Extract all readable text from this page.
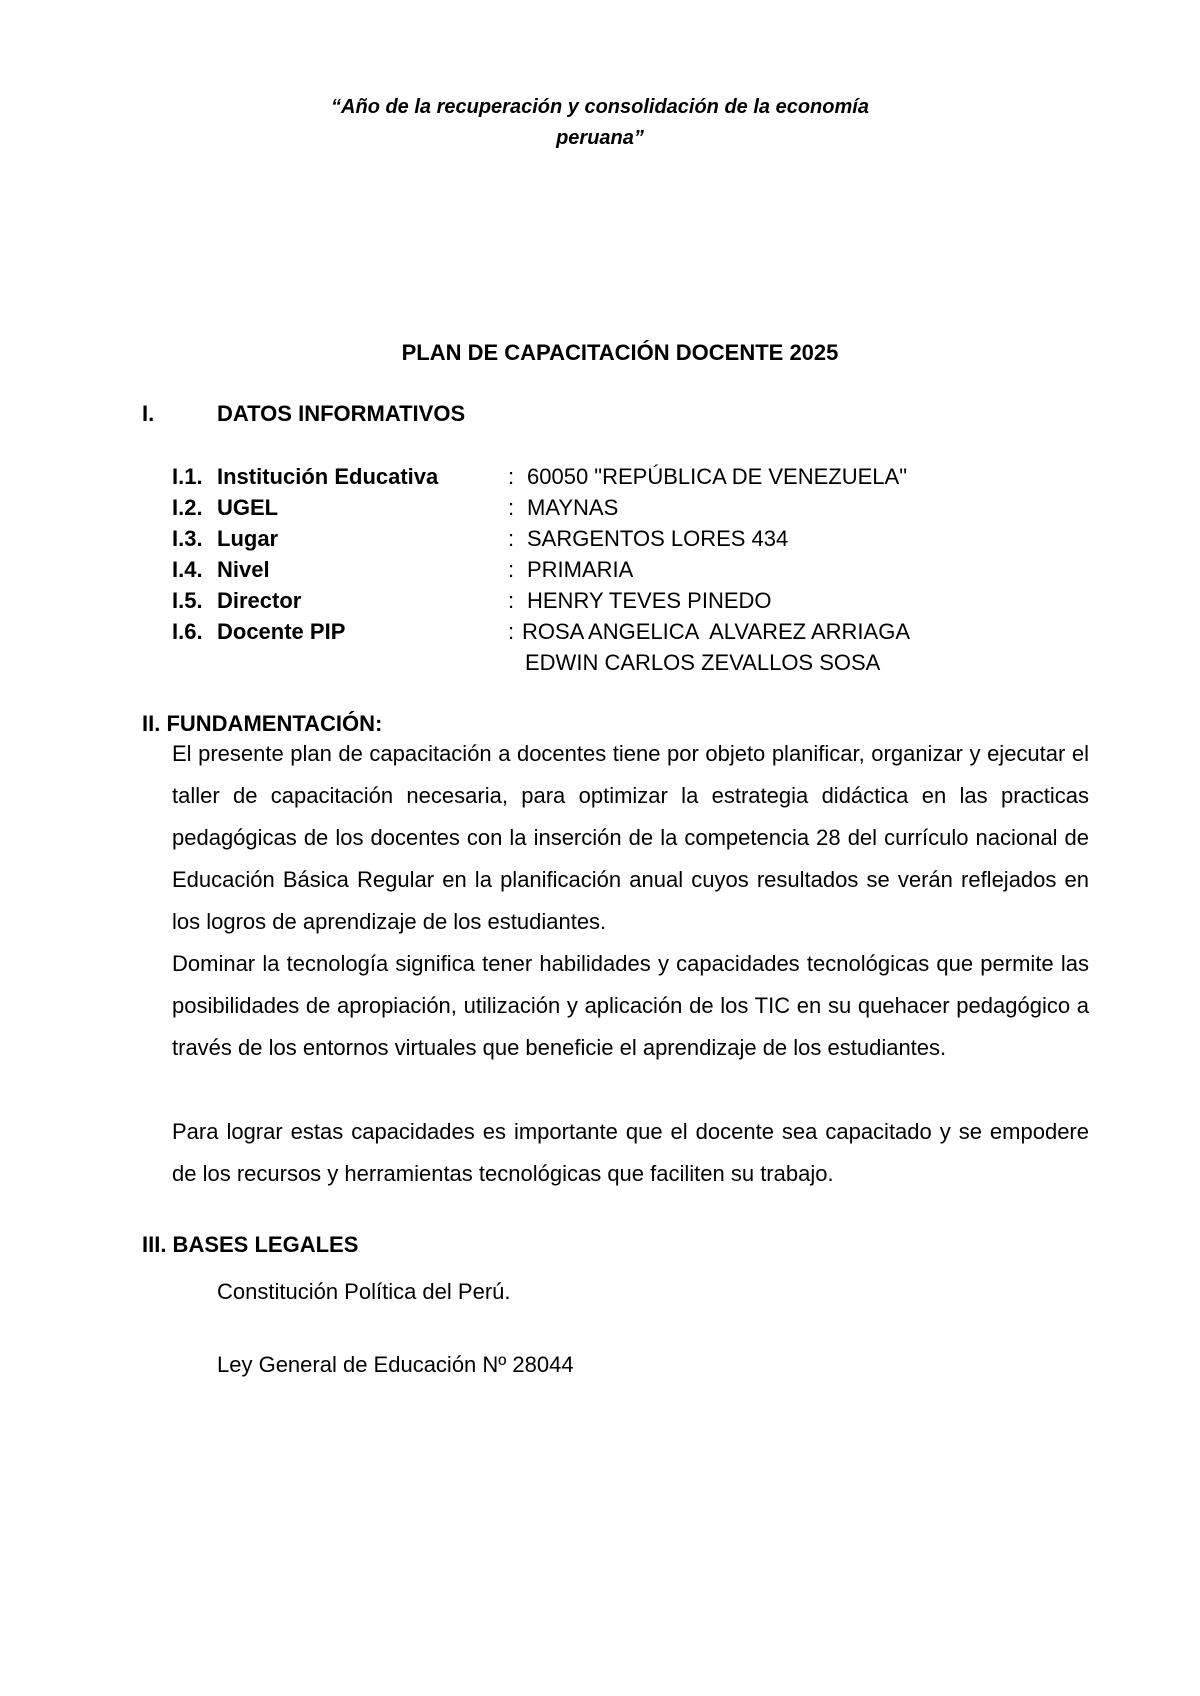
“Año de la recuperación y consolidación de la economía
peruana”
PLAN DE CAPACITACIÓN DOCENTE 2025
I.	DATOS INFORMATIVOS
I.1. Institución Educativa	: 60050 "REPÚBLICA DE VENEZUELA"
I.2. UGEL	: MAYNAS
I.3. Lugar	: SARGENTOS LORES 434
I.4. Nivel	: PRIMARIA
I.5. Director	: HENRY TEVES PINEDO
I.6. Docente PIP	: ROSA ANGELICA  ALVAREZ ARRIAGA
EDWIN CARLOS ZEVALLOS SOSA
II. FUNDAMENTACIÓN:
El presente plan de capacitación a docentes tiene por objeto planificar, organizar y ejecutar el taller de capacitación necesaria, para optimizar la estrategia didáctica en las practicas pedagógicas de los docentes con la inserción de la competencia 28 del currículo nacional de Educación Básica Regular en la planificación anual cuyos resultados se verán reflejados en los logros de aprendizaje de los estudiantes.
Dominar la tecnología significa tener habilidades y capacidades tecnológicas que permite las posibilidades de apropiación, utilización y aplicación de los TIC en su quehacer pedagógico a través de los entornos virtuales que beneficie el aprendizaje de los estudiantes.
Para lograr estas capacidades es importante que el docente sea capacitado y se empodere de los recursos y herramientas tecnológicas que faciliten su trabajo.
III. BASES LEGALES
Constitución Política del Perú.
Ley General de Educación Nº 28044
